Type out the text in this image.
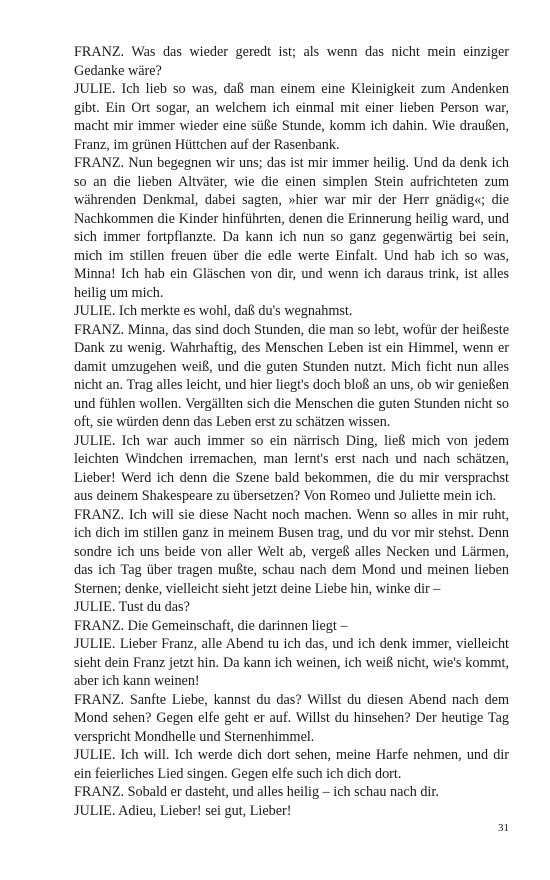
FRANZ. Was das wieder geredt ist; als wenn das nicht mein einziger Gedanke wäre?

JULIE. Ich lieb so was, daß man einem eine Kleinigkeit zum Andenken gibt. Ein Ort sogar, an welchem ich einmal mit einer lieben Person war, macht mir immer wieder eine süße Stunde, komm ich dahin. Wie draußen, Franz, im grünen Hüttchen auf der Rasenbank.

FRANZ. Nun begegnen wir uns; das ist mir immer heilig. Und da denk ich so an die lieben Altväter, wie die einen simplen Stein aufrichteten zum währenden Denkmal, dabei sagten, »hier war mir der Herr gnädig«; die Nachkommen die Kinder hinführten, denen die Erinnerung heilig ward, und sich immer fortpflanzte. Da kann ich nun so ganz gegenwärtig bei sein, mich im stillen freuen über die edle werte Einfalt. Und hab ich so was, Minna! Ich hab ein Gläschen von dir, und wenn ich daraus trink, ist alles heilig um mich.

JULIE. Ich merkte es wohl, daß du's wegnahmst.

FRANZ. Minna, das sind doch Stunden, die man so lebt, wofür der heißeste Dank zu wenig. Wahrhaftig, des Menschen Leben ist ein Himmel, wenn er damit umzugehen weiß, und die guten Stunden nutzt. Mich ficht nun alles nicht an. Trag alles leicht, und hier liegt's doch bloß an uns, ob wir genießen und fühlen wollen. Vergällten sich die Menschen die guten Stunden nicht so oft, sie würden denn das Leben erst zu schätzen wissen.

JULIE. Ich war auch immer so ein närrisch Ding, ließ mich von jedem leichten Windchen irremachen, man lernt's erst nach und nach schätzen, Lieber! Werd ich denn die Szene bald bekommen, die du mir versprachst aus deinem Shakespeare zu übersetzen? Von Romeo und Juliette mein ich.

FRANZ. Ich will sie diese Nacht noch machen. Wenn so alles in mir ruht, ich dich im stillen ganz in meinem Busen trag, und du vor mir stehst. Denn sondre ich uns beide von aller Welt ab, vergeß alles Necken und Lärmen, das ich Tag über tragen mußte, schau nach dem Mond und meinen lieben Sternen; denke, vielleicht sieht jetzt deine Liebe hin, winke dir –

JULIE. Tust du das?

FRANZ. Die Gemeinschaft, die darinnen liegt –

JULIE. Lieber Franz, alle Abend tu ich das, und ich denk immer, vielleicht sieht dein Franz jetzt hin. Da kann ich weinen, ich weiß nicht, wie's kommt, aber ich kann weinen!

FRANZ. Sanfte Liebe, kannst du das? Willst du diesen Abend nach dem Mond sehen? Gegen elfe geht er auf. Willst du hinsehen? Der heutige Tag verspricht Mondhelle und Sternenhimmel.

JULIE. Ich will. Ich werde dich dort sehen, meine Harfe nehmen, und dir ein feierliches Lied singen. Gegen elfe such ich dich dort.

FRANZ. Sobald er dasteht, und alles heilig – ich schau nach dir.

JULIE. Adieu, Lieber! sei gut, Lieber!

31
